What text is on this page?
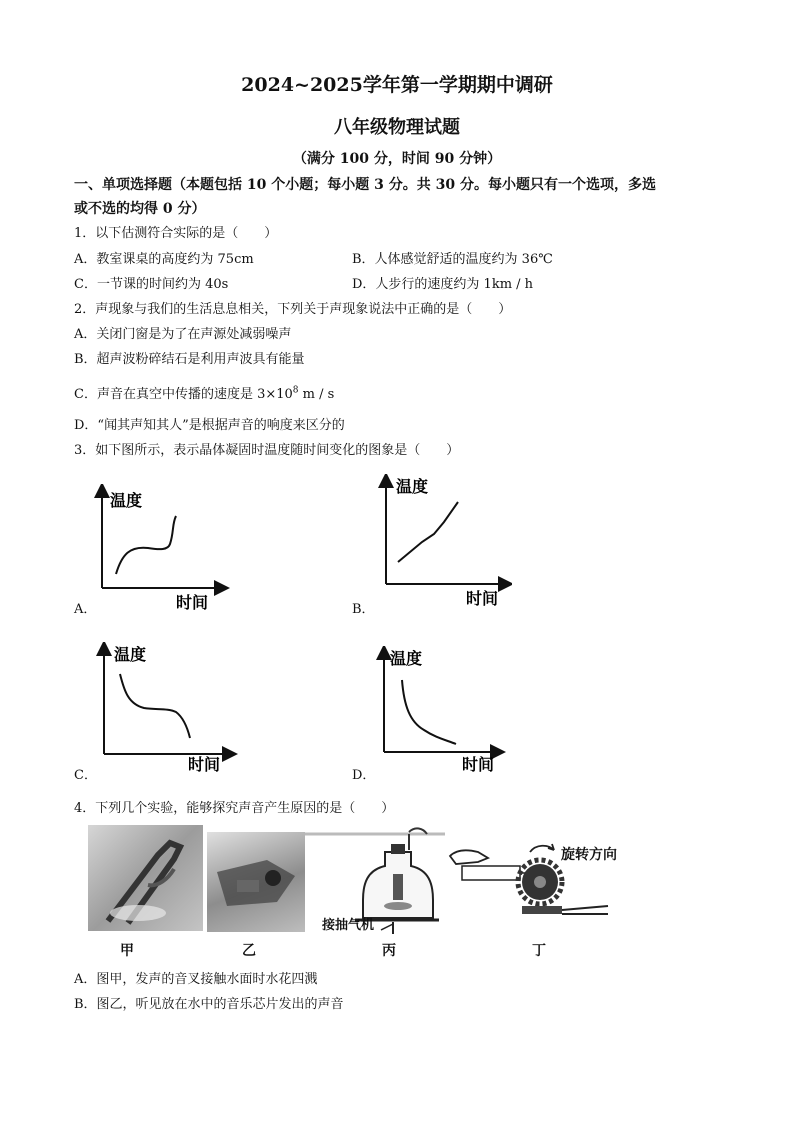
2024~2025学年第一学期期中调研
八年级物理试题
（满分 100 分，时间 90 分钟）
一、单项选择题（本题包括 10 个小题；每小题 3 分。共 30 分。每小题只有一个选项，多选
或不选的均得 0 分）
1．以下估测符合实际的是（　　）
A．教室课桌的高度约为 75cm	B．人体感觉舒适的温度约为 36℃
C．一节课的时间约为 40s	D．人步行的速度约为 1km / h
2．声现象与我们的生活息息相关，下列关于声现象说法中正确的是（　　）
A．关闭门窗是为了在声源处减弱噪声
B．超声波粉碎结石是利用声波具有能量
C．声音在真空中传播的速度是 $3\times 10^8$ m / s
D．“闻其声知其人”是根据声音的响度来区分的
3．如下图所示，表示晶体凝固时温度随时间变化的图象是（　　）
温度
时间
A．
温度
时间
B．
温度
时间
C．
温度
时间
D．
4．下列几个实验，能够探究声音产生原因的是（　　）
接抽气机
旋转方向
甲	乙	丙	丁
A．图甲，发声的音叉接触水面时水花四溅
B．图乙，听见放在水中的音乐芯片发出的声音
